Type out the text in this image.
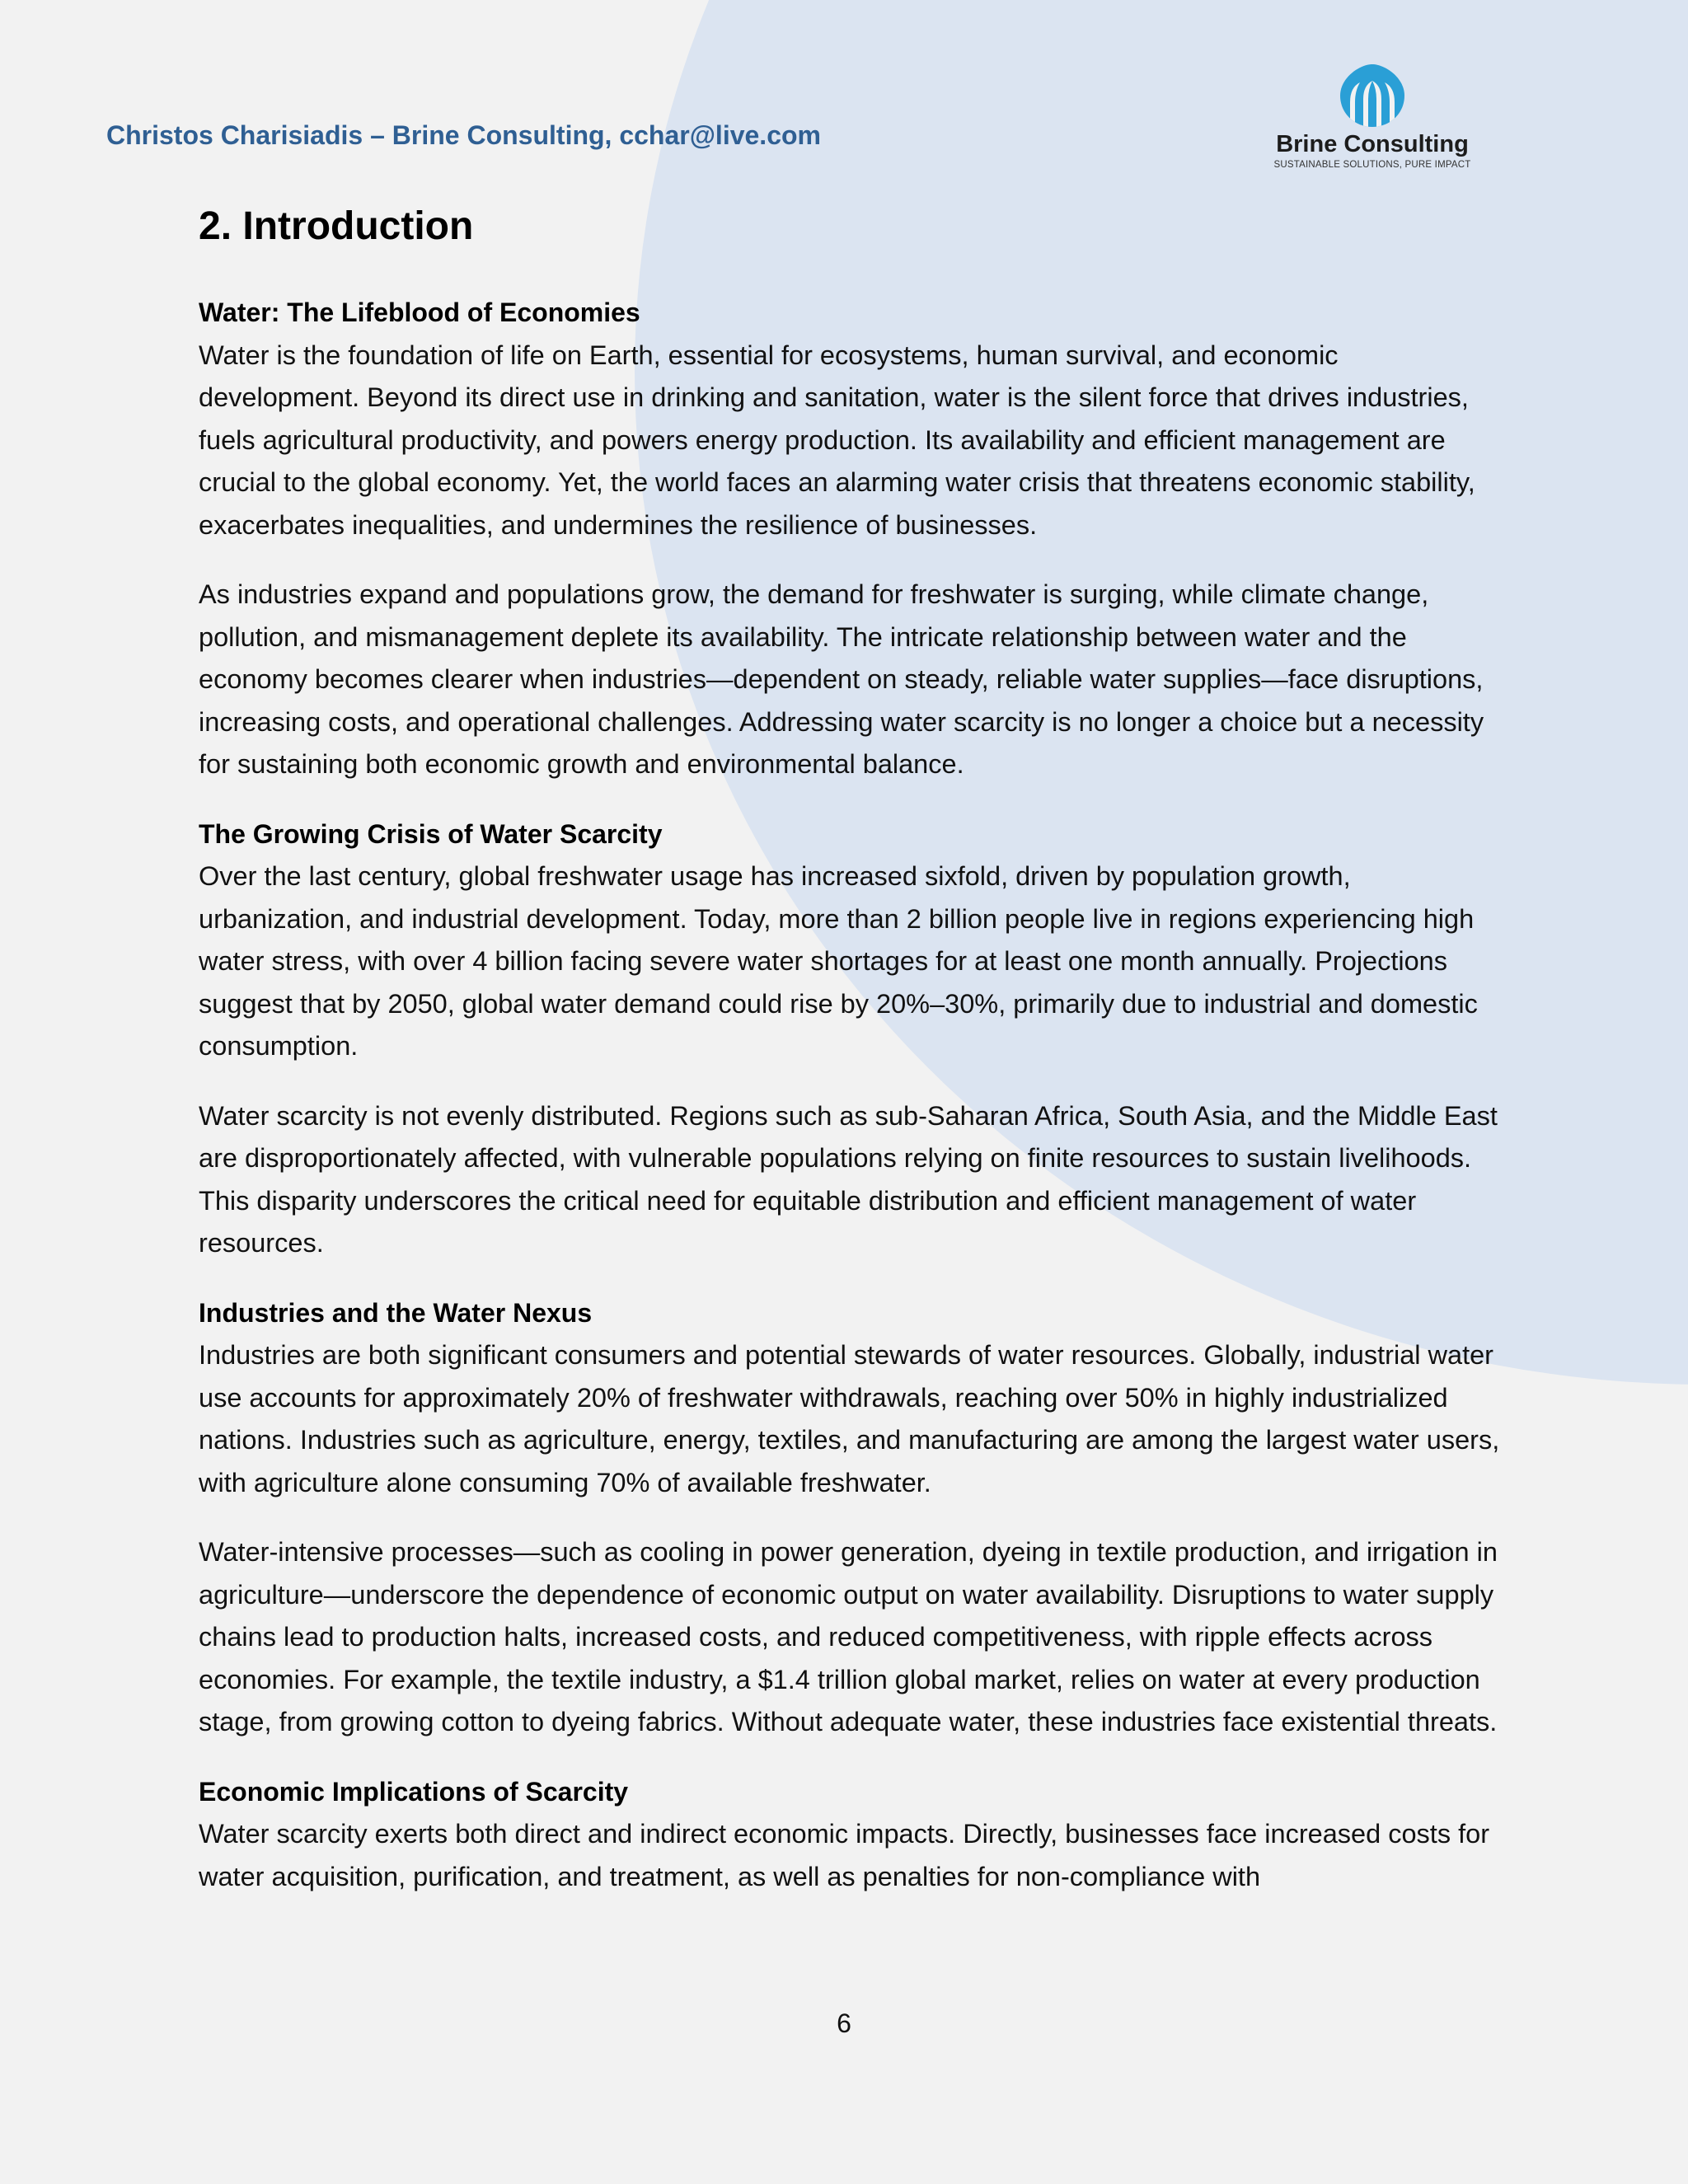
Christos Charisiadis – Brine Consulting, cchar@live.com	Brine Consulting
SUSTAINABLE SOLUTIONS, PURE IMPACT
2. Introduction
Water: The Lifeblood of Economies

Water is the foundation of life on Earth, essential for ecosystems, human survival, and economic development. Beyond its direct use in drinking and sanitation, water is the silent force that drives industries, fuels agricultural productivity, and powers energy production. Its availability and efficient management are crucial to the global economy. Yet, the world faces an alarming water crisis that threatens economic stability, exacerbates inequalities, and undermines the resilience of businesses.

As industries expand and populations grow, the demand for freshwater is surging, while climate change, pollution, and mismanagement deplete its availability. The intricate relationship between water and the economy becomes clearer when industries—dependent on steady, reliable water supplies—face disruptions, increasing costs, and operational challenges. Addressing water scarcity is no longer a choice but a necessity for sustaining both economic growth and environmental balance.

The Growing Crisis of Water Scarcity

Over the last century, global freshwater usage has increased sixfold, driven by population growth, urbanization, and industrial development. Today, more than 2 billion people live in regions experiencing high water stress, with over 4 billion facing severe water shortages for at least one month annually. Projections suggest that by 2050, global water demand could rise by 20%–30%, primarily due to industrial and domestic consumption.

Water scarcity is not evenly distributed. Regions such as sub-Saharan Africa, South Asia, and the Middle East are disproportionately affected, with vulnerable populations relying on finite resources to sustain livelihoods. This disparity underscores the critical need for equitable distribution and efficient management of water resources.

Industries and the Water Nexus

Industries are both significant consumers and potential stewards of water resources. Globally, industrial water use accounts for approximately 20% of freshwater withdrawals, reaching over 50% in highly industrialized nations. Industries such as agriculture, energy, textiles, and manufacturing are among the largest water users, with agriculture alone consuming 70% of available freshwater.

Water-intensive processes—such as cooling in power generation, dyeing in textile production, and irrigation in agriculture—underscore the dependence of economic output on water availability. Disruptions to water supply chains lead to production halts, increased costs, and reduced competitiveness, with ripple effects across economies. For example, the textile industry, a $1.4 trillion global market, relies on water at every production stage, from growing cotton to dyeing fabrics. Without adequate water, these industries face existential threats.

Economic Implications of Scarcity

Water scarcity exerts both direct and indirect economic impacts. Directly, businesses face increased costs for water acquisition, purification, and treatment, as well as penalties for non-compliance with

6
